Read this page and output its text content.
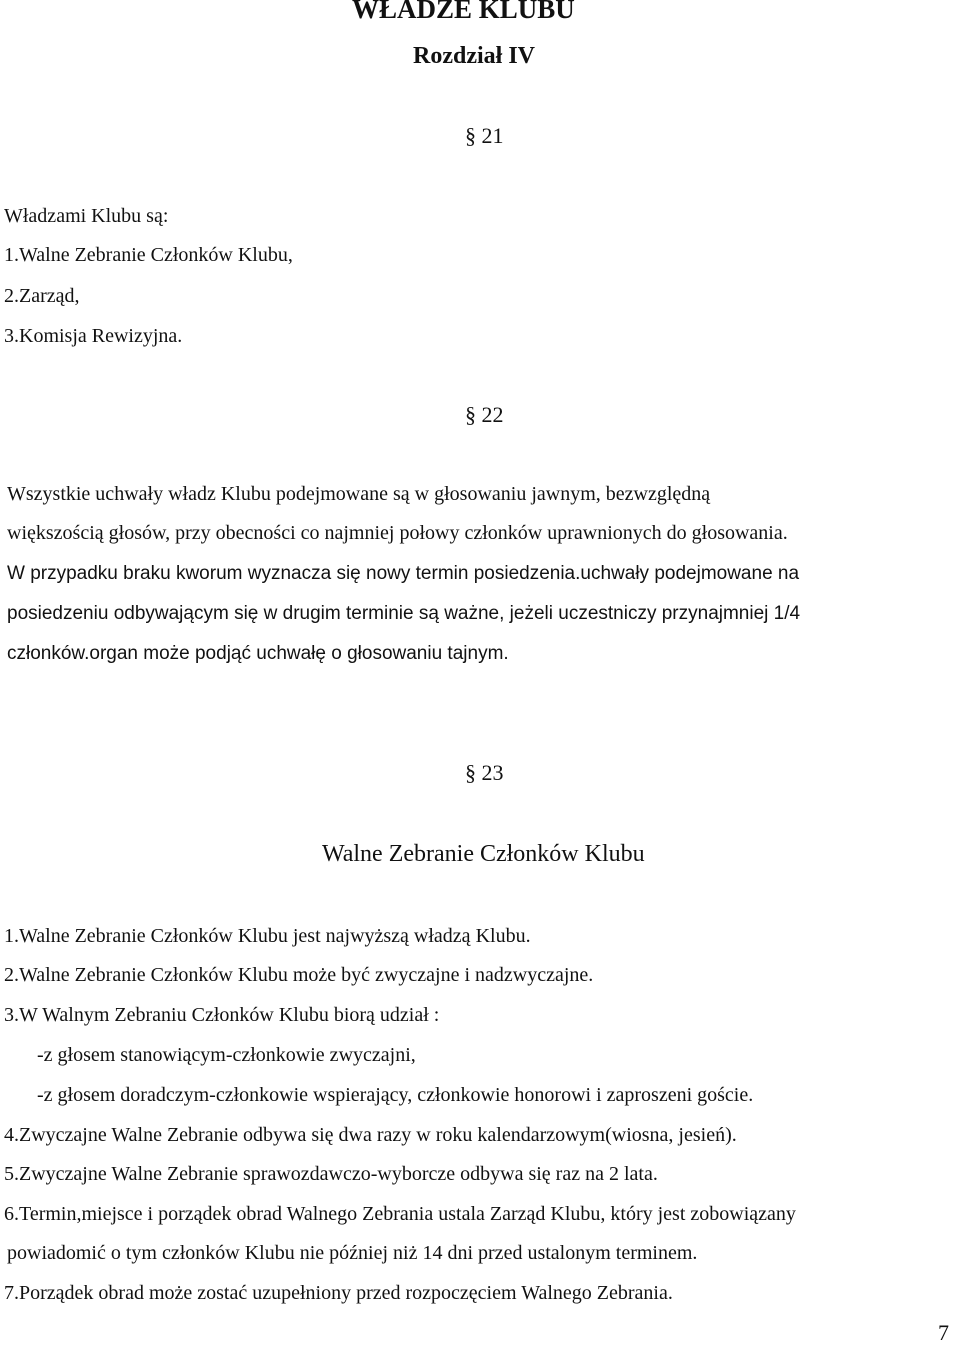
WŁADZE KLUBU
Rozdział IV
§ 21
Władzami Klubu są:
1.Walne Zebranie Członków Klubu,
2.Zarząd,
3.Komisja Rewizyjna.
§ 22
Wszystkie uchwały władz Klubu podejmowane są w głosowaniu jawnym, bezwzględną
większością głosów, przy obecności co najmniej połowy członków uprawnionych do głosowania.
W przypadku braku kworum wyznacza się nowy termin posiedzenia.uchwały podejmowane na
posiedzeniu odbywającym się w drugim terminie są ważne, jeżeli uczestniczy przynajmniej 1/4
członków.organ może podjąć uchwałę o głosowaniu tajnym.
§ 23
Walne Zebranie Członków Klubu
1.Walne Zebranie Członków Klubu jest najwyższą władzą Klubu.
2.Walne Zebranie Członków Klubu może być zwyczajne i nadzwyczajne.
3.W Walnym Zebraniu Członków Klubu biorą udział :
-z głosem stanowiącym-członkowie zwyczajni,
-z głosem doradczym-członkowie wspierający, członkowie honorowi i zaproszeni goście.
4.Zwyczajne Walne Zebranie odbywa się dwa razy w roku kalendarzowym(wiosna, jesień).
5.Zwyczajne Walne Zebranie sprawozdawczo-wyborcze odbywa się raz na 2 lata.
6.Termin,miejsce i porządek obrad Walnego Zebrania ustala Zarząd Klubu, który jest zobowiązany
powiadomić o tym członków Klubu nie później niż 14 dni przed ustalonym terminem.
7.Porządek obrad może zostać uzupełniony przed rozpoczęciem Walnego Zebrania.
7
